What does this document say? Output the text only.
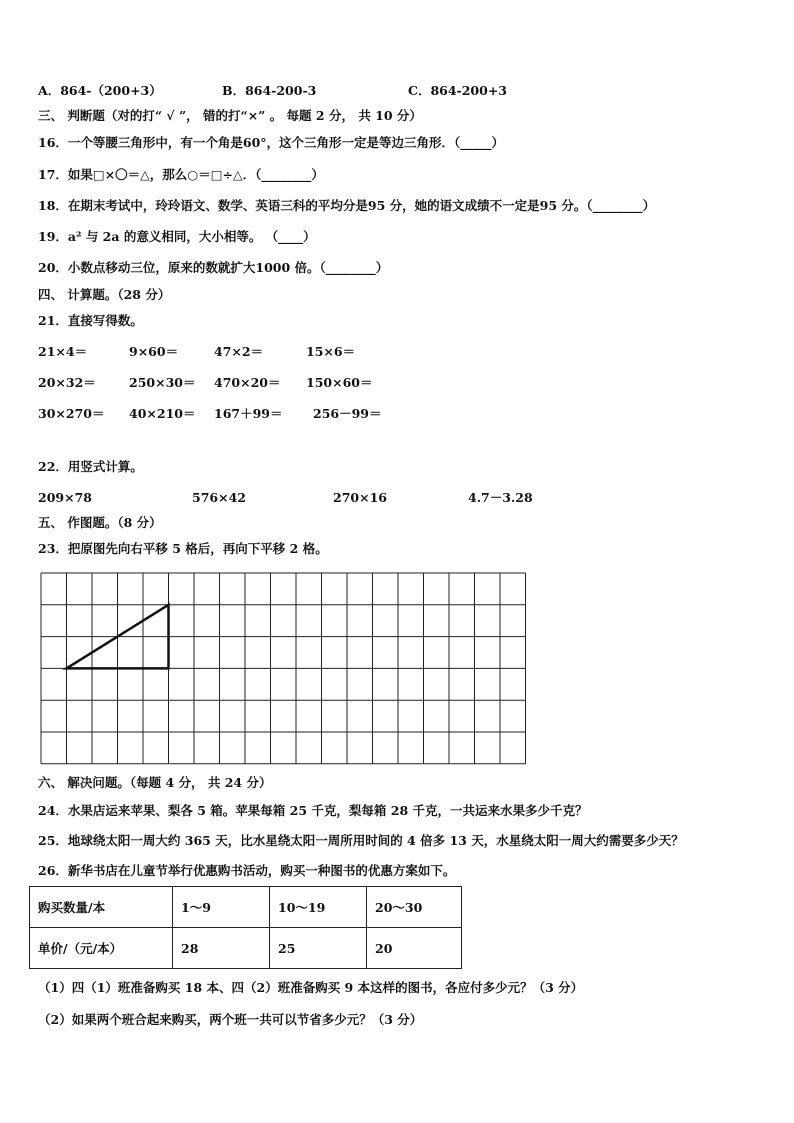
A．864-（200+3）	B．864-200-3	C．864-200+3
三、 判断题（对的打“ √ ”， 错的打“×” 。 每题 2 分， 共 10 分）
16．一个等腰三角形中，有一个角是60°，这个三角形一定是等边三角形．（_____）
17．如果□×〇＝△，那么○＝□÷△．（________）
18．在期末考试中，玲玲语文、数学、英语三科的平均分是95 分，她的语文成绩不一定是95 分。（________）
19．a² 与 2a 的意义相同，大小相等。 （____）
20．小数点移动三位，原来的数就扩大1000 倍。（________）
四、 计算题。（28 分）
21．直接写得数。
21×4＝	9×60＝	47×2＝	15×6＝
20×32＝	250×30＝ 470×20＝ 150×60＝
30×270＝ 40×210＝ 167＋99＝ 256－99＝
22．用竖式计算。
209×78	576×42	270×16	4.7－3.28
五、 作图题。（8 分）
23．把原图先向右平移 5 格后，再向下平移 2 格。
六、 解决问题。（每题 4 分， 共 24 分）
24．水果店运来苹果、梨各 5 箱。苹果每箱 25 千克，梨每箱 28 千克，一共运来水果多少千克？
25．地球绕太阳一周大约 365 天，比水星绕太阳一周所用时间的 4 倍多 13 天，水星绕太阳一周大约需要多少天？
26．新华书店在儿童节举行优惠购书活动，购买一种图书的优惠方案如下。
购买数量/本	1～9	10～19	20～30
单价/（元/本）	28	25	20
（1）四（1）班准备购买 18 本、四（2）班准备购买 9 本这样的图书，各应付多少元？（3 分）
（2）如果两个班合起来购买，两个班一共可以节省多少元？（3 分）
